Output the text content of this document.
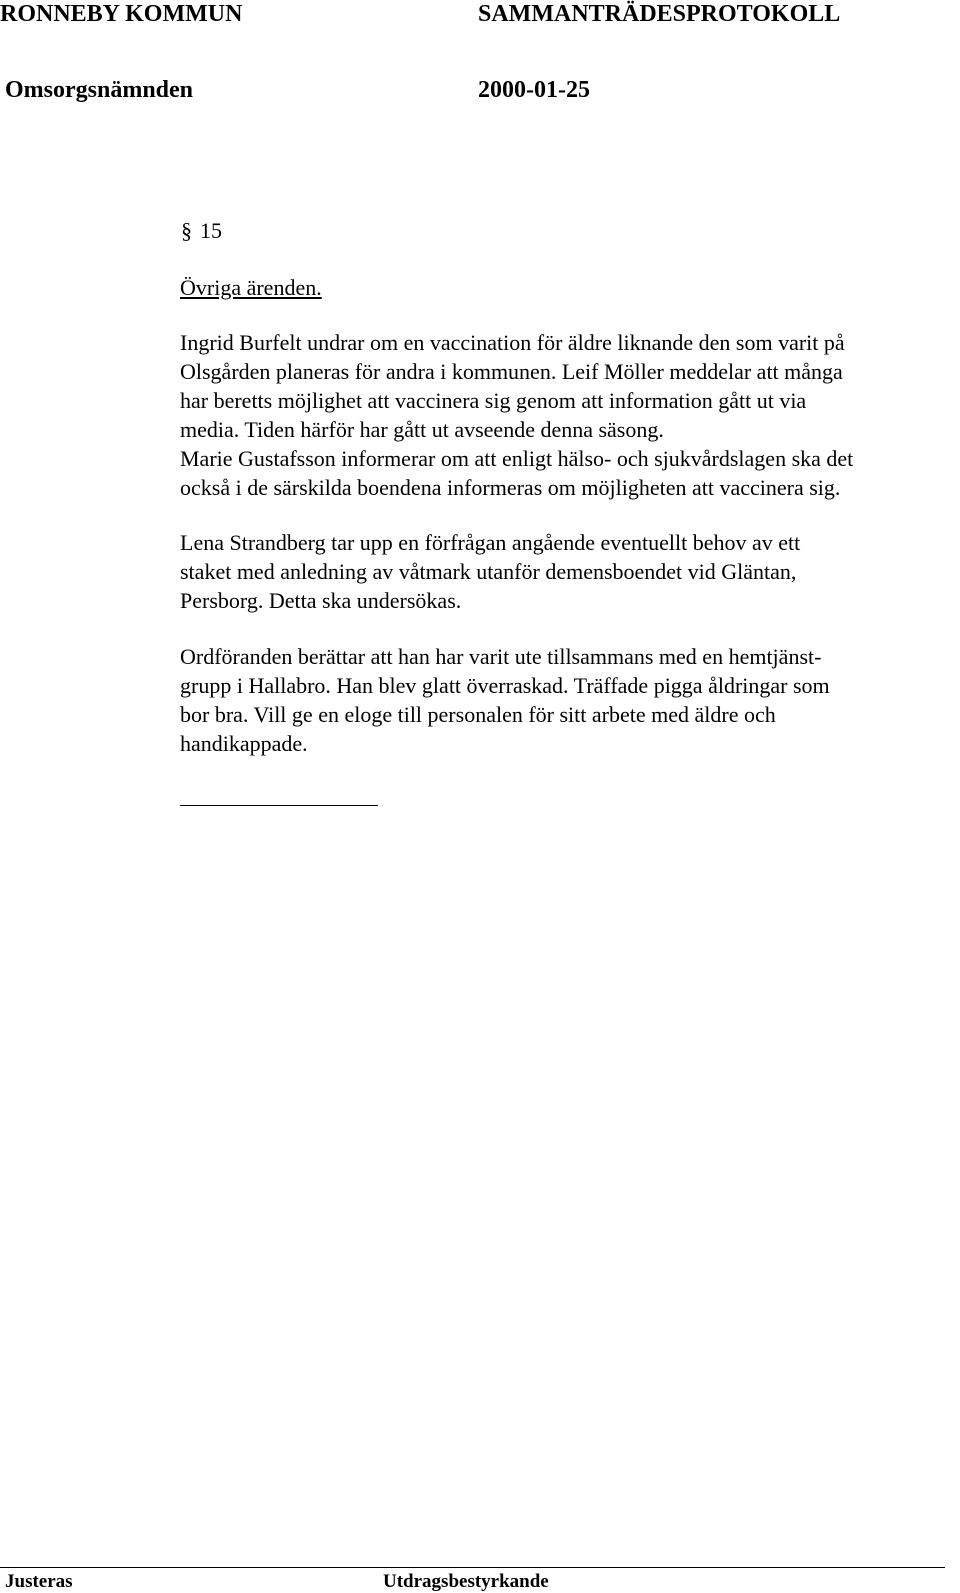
RONNEBY KOMMUN	SAMMANTRÄDESPROTOKOLL
Omsorgsnämnden	2000-01-25
§ 15
Övriga ärenden.
Ingrid Burfelt undrar om en vaccination för äldre liknande den som varit på
Olsgården planeras för andra i kommunen. Leif Möller meddelar att många
har beretts möjlighet att vaccinera sig genom att information gått ut via
media. Tiden härför har gått ut avseende denna säsong.
Marie Gustafsson informerar om att enligt hälso- och sjukvårdslagen ska det
också i de särskilda boendena informeras om möjligheten att vaccinera sig.
Lena Strandberg tar upp en förfrågan angående eventuellt behov av ett
staket med anledning av våtmark utanför demensboendet vid Gläntan,
Persborg. Detta ska undersökas.
Ordföranden berättar att han har varit ute tillsammans med en hemtjänst-
grupp i Hallabro. Han blev glatt överraskad. Träffade pigga åldringar som
bor bra. Vill ge en eloge till personalen för sitt arbete med äldre och
handikappade.
Justeras	Utdragsbestyrkande
